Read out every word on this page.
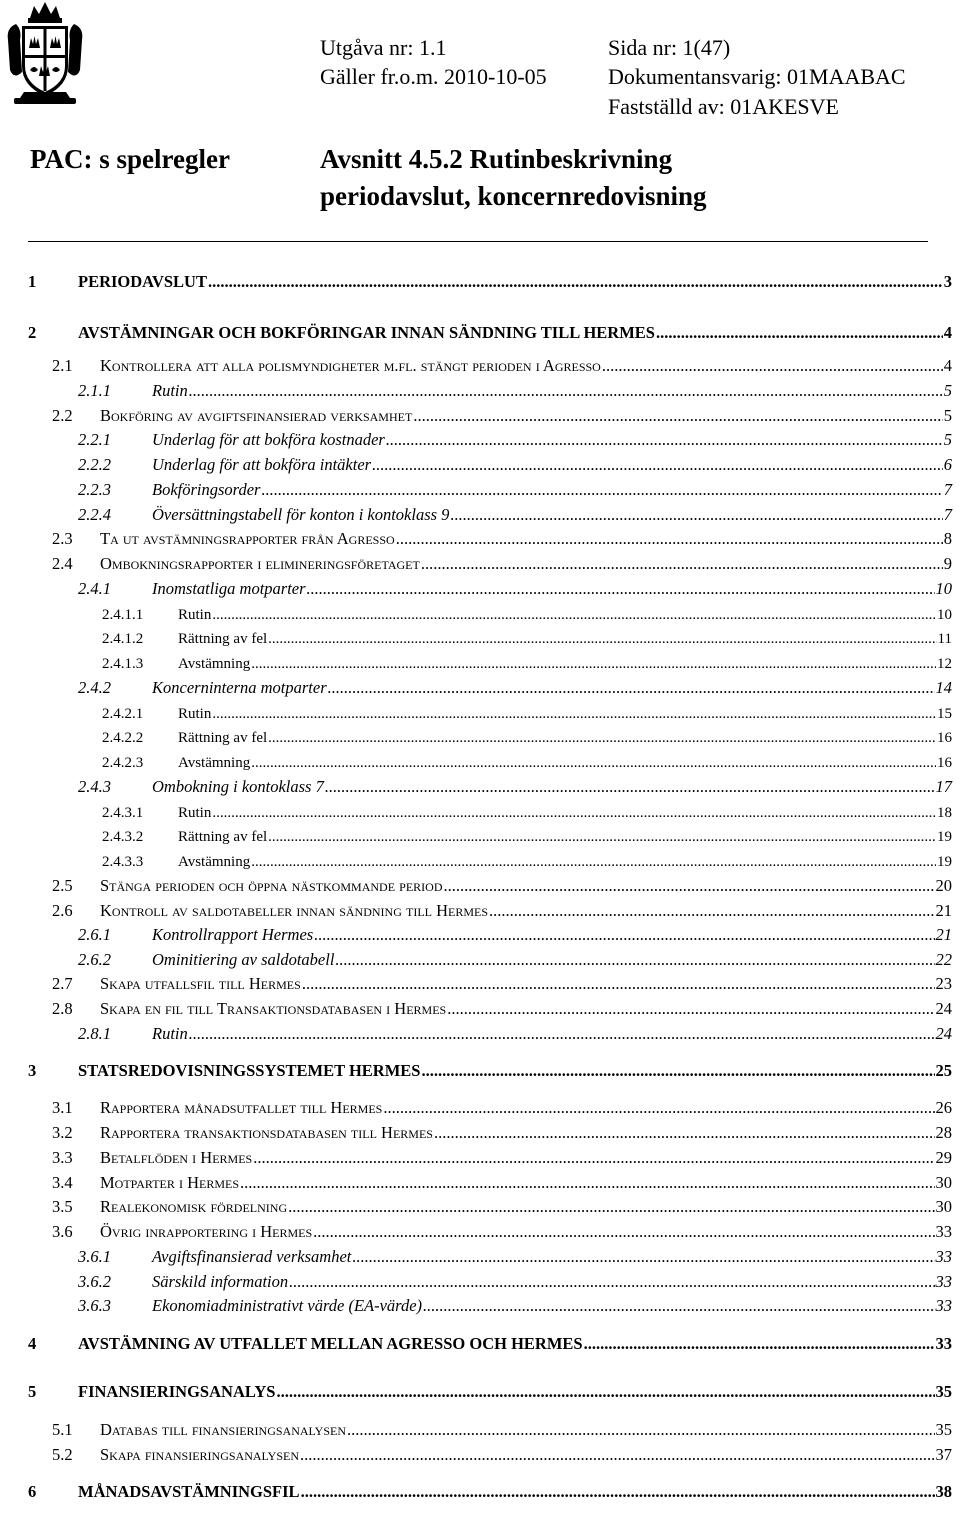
Utgåva nr: 1.1
Gäller fr.o.m. 2010-10-05
Sida nr: 1(47)
Dokumentansvarig: 01MAABAC
Fastställd av: 01AKESVE
PAC: s spelregler	Avsnitt 4.5.2 Rutinbeskrivning
periodavslut, koncernredovisning
1	PERIODAVSLUT .....	3
2	AVSTÄMNINGAR OCH BOKFÖRINGAR INNAN SÄNDNING TILL HERMES .....	4
2.1	Kontrollera att alla polismyndigheter m.fl. stängt perioden i Agresso .....	4
2.1.1	Rutin .....	5
2.2	Bokföring av avgiftsfinansierad verksamhet .....	5
2.2.1	Underlag för att bokföra kostnader .....	5
2.2.2	Underlag för att bokföra intäkter .....	6
2.2.3	Bokföringsorder .....	7
2.2.4	Översättningstabell för konton i kontoklass 9 .....	7
2.3	Ta ut avstämningsrapporter från Agresso .....	8
2.4	Ombokningsrapporter i elimineringsföretaget .....	9
2.4.1	Inomstatliga motparter .....	10
2.4.1.1	Rutin .....	10
2.4.1.2	Rättning av fel .....	11
2.4.1.3	Avstämning .....	12
2.4.2	Koncerninterna motparter .....	14
2.4.2.1	Rutin .....	15
2.4.2.2	Rättning av fel .....	16
2.4.2.3	Avstämning .....	16
2.4.3	Ombokning i kontoklass 7 .....	17
2.4.3.1	Rutin .....	18
2.4.3.2	Rättning av fel .....	19
2.4.3.3	Avstämning .....	19
2.5	Stänga perioden och öppna nästkommande period .....	20
2.6	Kontroll av saldotabeller innan sändning till Hermes .....	21
2.6.1	Kontrollrapport Hermes .....	21
2.6.2	Ominitiering av saldotabell .....	22
2.7	Skapa utfallsfil till Hermes .....	23
2.8	Skapa en fil till Transaktionsdatabasen i Hermes .....	24
2.8.1	Rutin .....	24
3	STATSREDOVISNINGSSYSTEMET HERMES .....	25
3.1	Rapportera månadsutfallet till Hermes .....	26
3.2	Rapportera transaktionsdatabasen till Hermes .....	28
3.3	Betalflöden i Hermes .....	29
3.4	Motparter i Hermes .....	30
3.5	Realekonomisk fördelning .....	30
3.6	Övrig inrapportering i Hermes .....	33
3.6.1	Avgiftsfinansierad verksamhet .....	33
3.6.2	Särskild information .....	33
3.6.3	Ekonomiadministrativt värde (EA-värde) .....	33
4	AVSTÄMNING AV UTFALLET MELLAN AGRESSO OCH HERMES .....	33
5	FINANSIERINGSANALYS .....	35
5.1	Databas till finansieringsanalysen .....	35
5.2	Skapa finansieringsanalysen .....	37
6	MÅNADSAVSTÄMNINGSFIL .....	38
